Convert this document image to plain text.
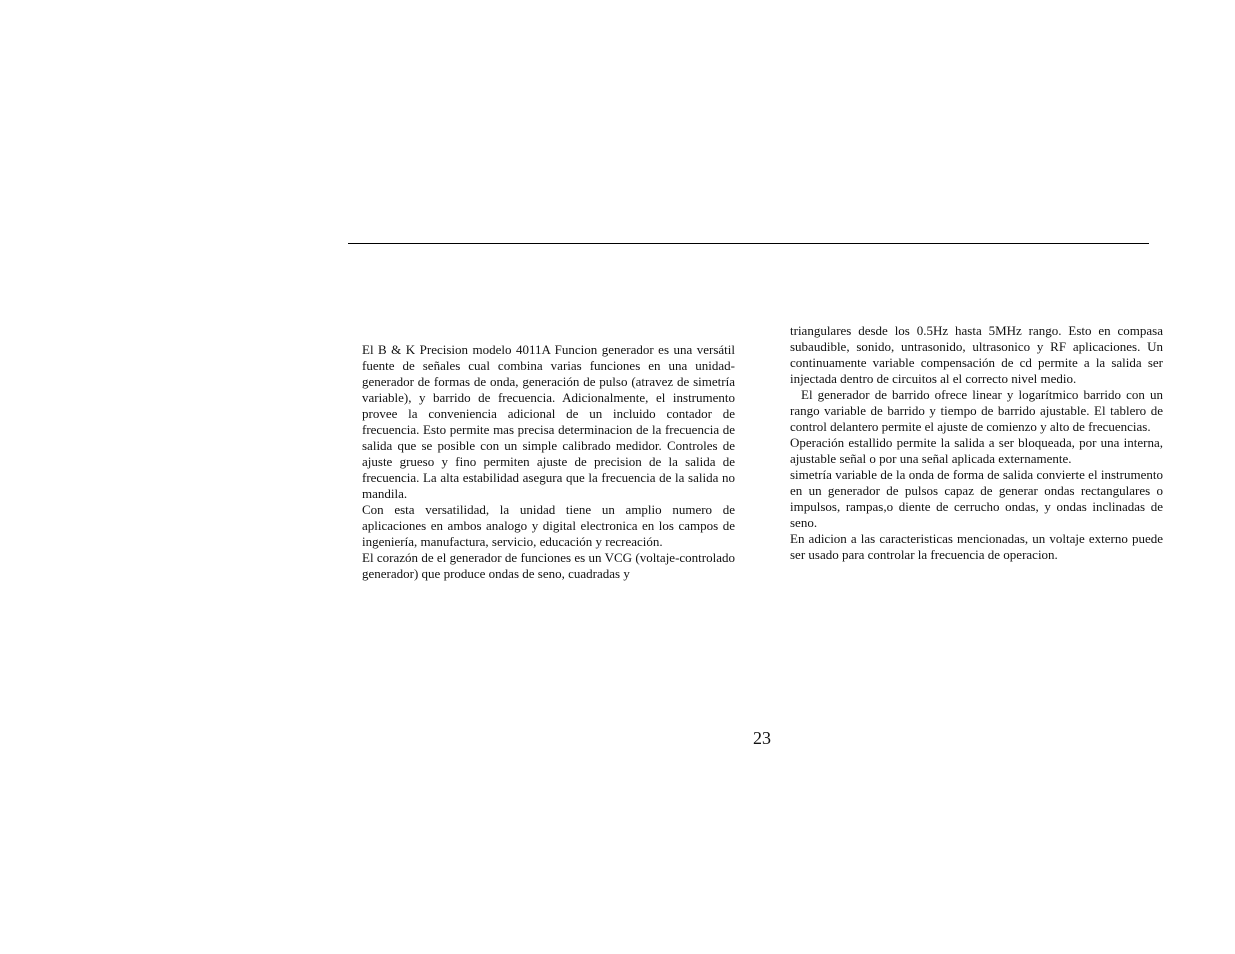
El B & K Precision modelo 4011A Funcion generador es una versátil fuente de señales cual combina varias funciones en una unidad- generador de formas de onda, generación de pulso (atravez de simetría variable), y barrido de frecuencia. Adicionalmente, el instrumento provee la conveniencia adicional de un incluido contador de frecuencia. Esto permite mas precisa determinacion de la frecuencia de salida que se posible con un simple calibrado medidor. Controles de ajuste grueso y fino permiten ajuste de precision de la salida de frecuencia. La alta estabilidad asegura que la frecuencia de la salida no mandila.

Con esta versatilidad, la unidad tiene un amplio numero de aplicaciones en ambos analogo y digital electronica en los campos de ingeniería, manufactura, servicio, educación y recreación.

El corazón de el generador de funciones es un VCG (voltaje-controlado generador) que produce ondas de seno, cuadradas y

triangulares desde los 0.5Hz hasta 5MHz rango. Esto en compasa subaudible, sonido, untrasonido, ultrasonico y RF aplicaciones. Un continuamente variable compensación de cd permite a la salida ser injectada dentro de circuitos al el correcto nivel medio.

El generador de barrido ofrece linear y logarítmico barrido con un rango variable de barrido y tiempo de barrido ajustable. El tablero de control delantero permite el ajuste de comienzo y alto de frecuencias.

Operación estallido permite la salida a ser bloqueada, por una interna, ajustable señal o por una señal aplicada externamente.

simetría variable de la onda de forma de salida convierte el instrumento en un generador de pulsos capaz de generar ondas rectangulares o impulsos, rampas,o diente de cerrucho ondas, y ondas inclinadas de seno.

En adicion a las caracteristicas mencionadas, un voltaje externo puede ser usado para controlar la frecuencia de operacion.

23
